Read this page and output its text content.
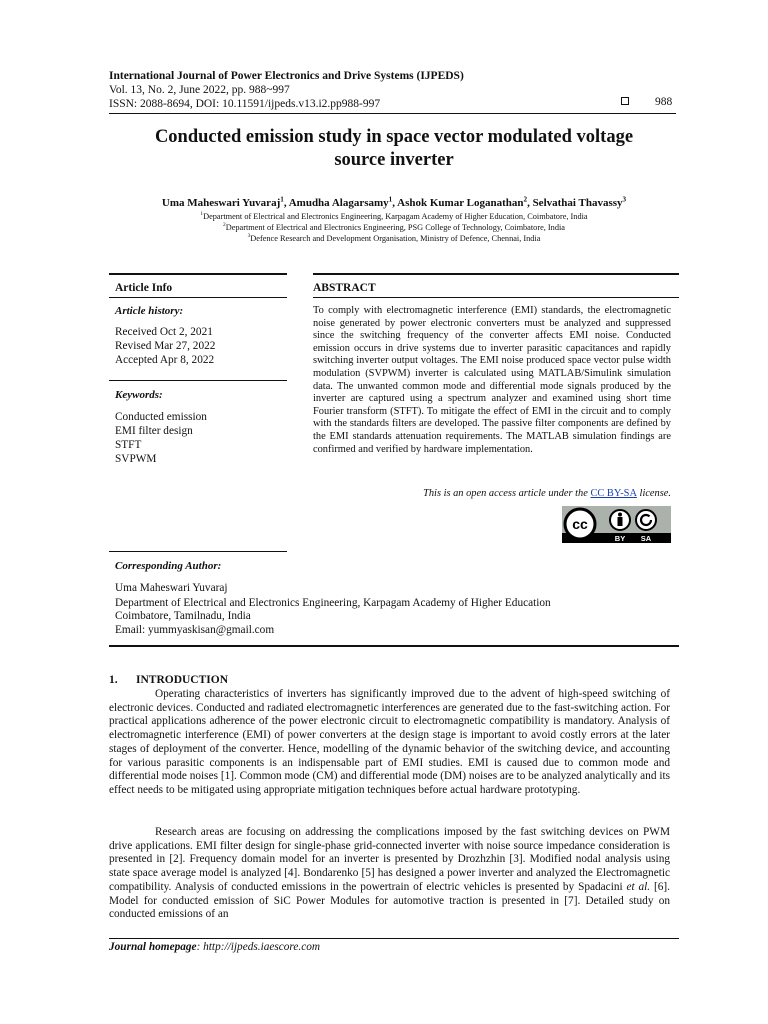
International Journal of Power Electronics and Drive Systems (IJPEDS)
Vol. 13, No. 2, June 2022, pp. 988~997
ISSN: 2088-8694, DOI: 10.11591/ijpeds.v13.i2.pp988-997	988
Conducted emission study in space vector modulated voltage
source inverter
Uma Maheswari Yuvaraj$^1$, Amudha Alagarsamy$^1$, Ashok Kumar Loganathan$^2$, Selvathai Thavassy$^3$
$^1$Department of Electrical and Electronics Engineering, Karpagam Academy of Higher Education, Coimbatore, India
$^2$Department of Electrical and Electronics Engineering, PSG College of Technology, Coimbatore, India
$^3$Defence Research and Development Organisation, Ministry of Defence, Chennai, India
Article Info	ABSTRACT
Article history:
Received Oct 2, 2021
Revised Mar 27, 2022
Accepted Apr 8, 2022
Keywords:
Conducted emission
EMI filter design
STFT
SVPWM
To comply with electromagnetic interference (EMI) standards, the electromagnetic noise generated by power electronic converters must be analyzed and suppressed since the switching frequency of the converter affects EMI noise. Conducted emission occurs in drive systems due to inverter parasitic capacitances and rapidly switching inverter output voltages. The EMI noise produced space vector pulse width modulation (SVPWM) inverter is calculated using MATLAB/Simulink simulation data. The unwanted common mode and differential mode signals produced by the inverter are captured using a spectrum analyzer and examined using short time Fourier transform (STFT). To mitigate the effect of EMI in the circuit and to comply with the standards filters are developed. The passive filter components are defined by the EMI standards attenuation requirements. The MATLAB simulation findings are confirmed and verified by hardware implementation.
This is an open access article under the CC BY-SA license.
cc
BY SA
Corresponding Author:
Uma Maheswari Yuvaraj
Department of Electrical and Electronics Engineering, Karpagam Academy of Higher Education
Coimbatore, Tamilnadu, India
Email: yummyaskisan@gmail.com
1. INTRODUCTION
Operating characteristics of inverters has significantly improved due to the advent of high-speed switching of electronic devices. Conducted and radiated electromagnetic interferences are generated due to the fast-switching action. For practical applications adherence of the power electronic circuit to electromagnetic compatibility is mandatory. Analysis of electromagnetic interference (EMI) of power converters at the design stage is important to avoid costly errors at the later stages of deployment of the converter. Hence, modelling of the dynamic behavior of the switching device, and accounting for various parasitic components is an indispensable part of EMI studies. EMI is caused due to common mode and differential mode noises [1]. Common mode (CM) and differential mode (DM) noises are to be analyzed analytically and its effect needs to be mitigated using appropriate mitigation techniques before actual hardware prototyping.
Research areas are focusing on addressing the complications imposed by the fast switching devices on PWM drive applications. EMI filter design for single-phase grid-connected inverter with noise source impedance consideration is presented in [2]. Frequency domain model for an inverter is presented by Drozhzhin [3]. Modified nodal analysis using state space average model is analyzed [4]. Bondarenko [5] has designed a power inverter and analyzed the Electromagnetic compatibility. Analysis of conducted emissions in the powertrain of electric vehicles is presented by Spadacini et al. [6]. Model for conducted emission of SiC Power Modules for automotive traction is presented in [7]. Detailed study on conducted emissions of an
Journal homepage: http://ijpeds.iaescore.com
